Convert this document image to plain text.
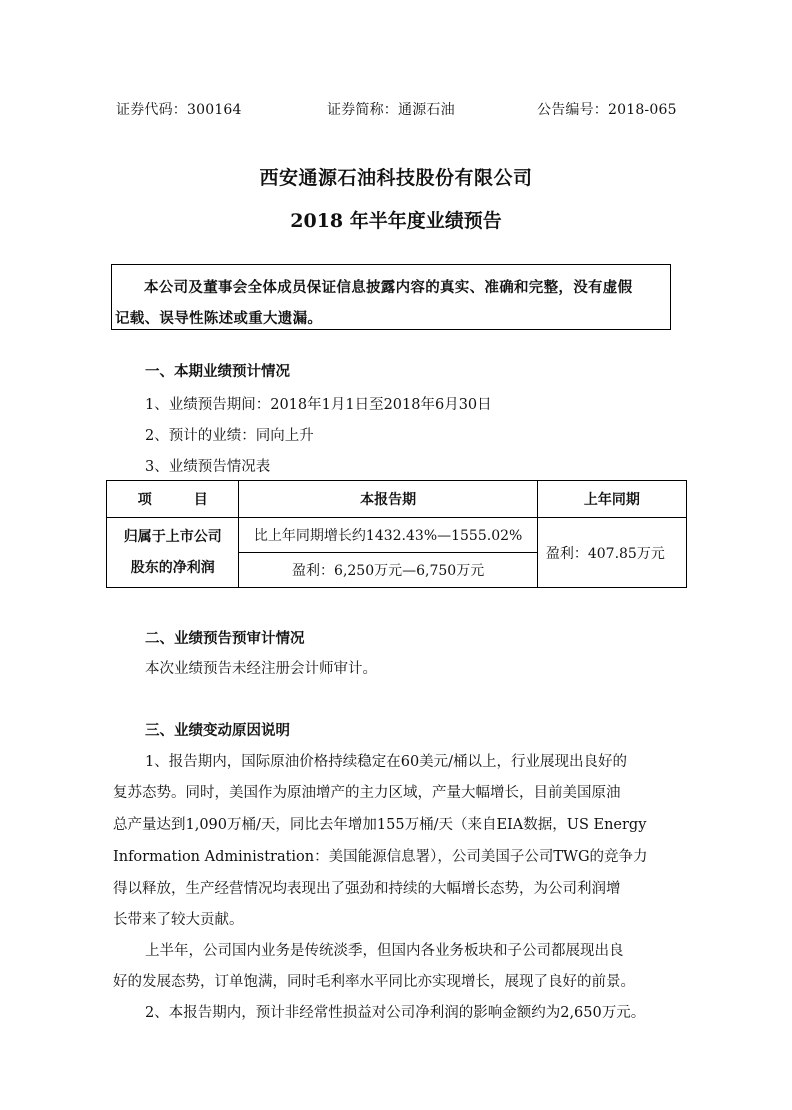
证券代码：300164	证券简称：通源石油	公告编号：2018-065
西安通源石油科技股份有限公司
2018 年半年度业绩预告
本公司及董事会全体成员保证信息披露内容的真实、准确和完整，没有虚假
记载、误导性陈述或重大遗漏。
一、本期业绩预计情况
1、业绩预告期间：2018年1月1日至2018年6月30日
2、预计的业绩：同向上升
3、业绩预告情况表
项　目	本报告期	上年同期

归属于上市公司
股东的净利润	比上年同期增长约1432.43%—1555.02%	盈利：407.85万元
	盈利：6,250万元—6,750万元	
二、业绩预告预审计情况
本次业绩预告未经注册会计师审计。
三、业绩变动原因说明
1、报告期内，国际原油价格持续稳定在60美元/桶以上，行业展现出良好的
复苏态势。同时，美国作为原油增产的主力区域，产量大幅增长，目前美国原油
总产量达到1,090万桶/天，同比去年增加155万桶/天（来自EIA数据，US Energy
Information Administration：美国能源信息署），公司美国子公司TWG的竞争力
得以释放，生产经营情况均表现出了强劲和持续的大幅增长态势，为公司利润增
长带来了较大贡献。
上半年，公司国内业务是传统淡季，但国内各业务板块和子公司都展现出良
好的发展态势，订单饱满，同时毛利率水平同比亦实现增长，展现了良好的前景。
2、本报告期内，预计非经常性损益对公司净利润的影响金额约为2,650万元。
